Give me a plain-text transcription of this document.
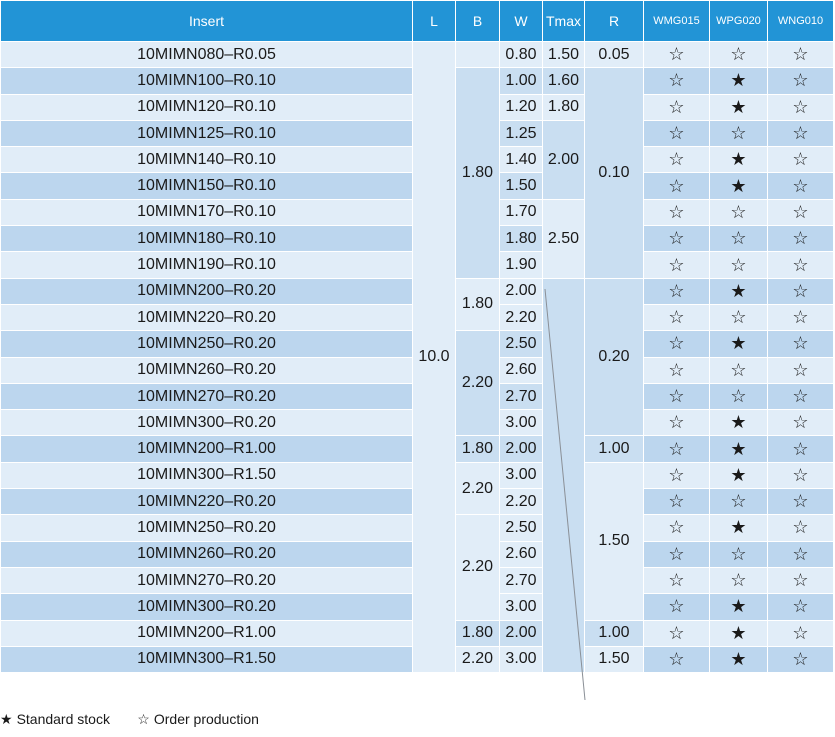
Insert	L	B	W	Tmax	R	WMG015	WPG020	WNG010
10MIMN080–R0.05	10.0		0.80	1.50	0.05	☆	☆	☆
10MIMN100–R0.10		1.80	1.00	1.60	0.10	☆	★	☆
10MIMN120–R0.10			1.20	1.80		☆	★	☆
10MIMN125–R0.10			1.25	2.00		☆	☆	☆
10MIMN140–R0.10			1.40			☆	★	☆
10MIMN150–R0.10			1.50			☆	★	☆
10MIMN170–R0.10			1.70	2.50		☆	☆	☆
10MIMN180–R0.10			1.80			☆	☆	☆
10MIMN190–R0.10			1.90			☆	☆	☆
10MIMN200–R0.20		1.80	2.00		0.20	☆	★	☆
10MIMN220–R0.20			2.20			☆	☆	☆
10MIMN250–R0.20		2.20	2.50			☆	★	☆
10MIMN260–R0.20			2.60			☆	☆	☆
10MIMN270–R0.20			2.70			☆	☆	☆
10MIMN300–R0.20			3.00			☆	★	☆
10MIMN200–R1.00		1.80	2.00		1.00	☆	★	☆
10MIMN300–R1.50		2.20	3.00		1.50	☆	★	☆
10MIMN220–R0.20			2.20			☆	☆	☆
10MIMN250–R0.20		2.20	2.50			☆	★	☆
10MIMN260–R0.20			2.60			☆	☆	☆
10MIMN270–R0.20			2.70			☆	☆	☆
10MIMN300–R0.20			3.00			☆	★	☆
10MIMN200–R1.00		1.80	2.00		1.00	☆	★	☆
10MIMN300–R1.50		2.20	3.00		1.50	☆	★	☆
★ Standard stock ☆ Order production
